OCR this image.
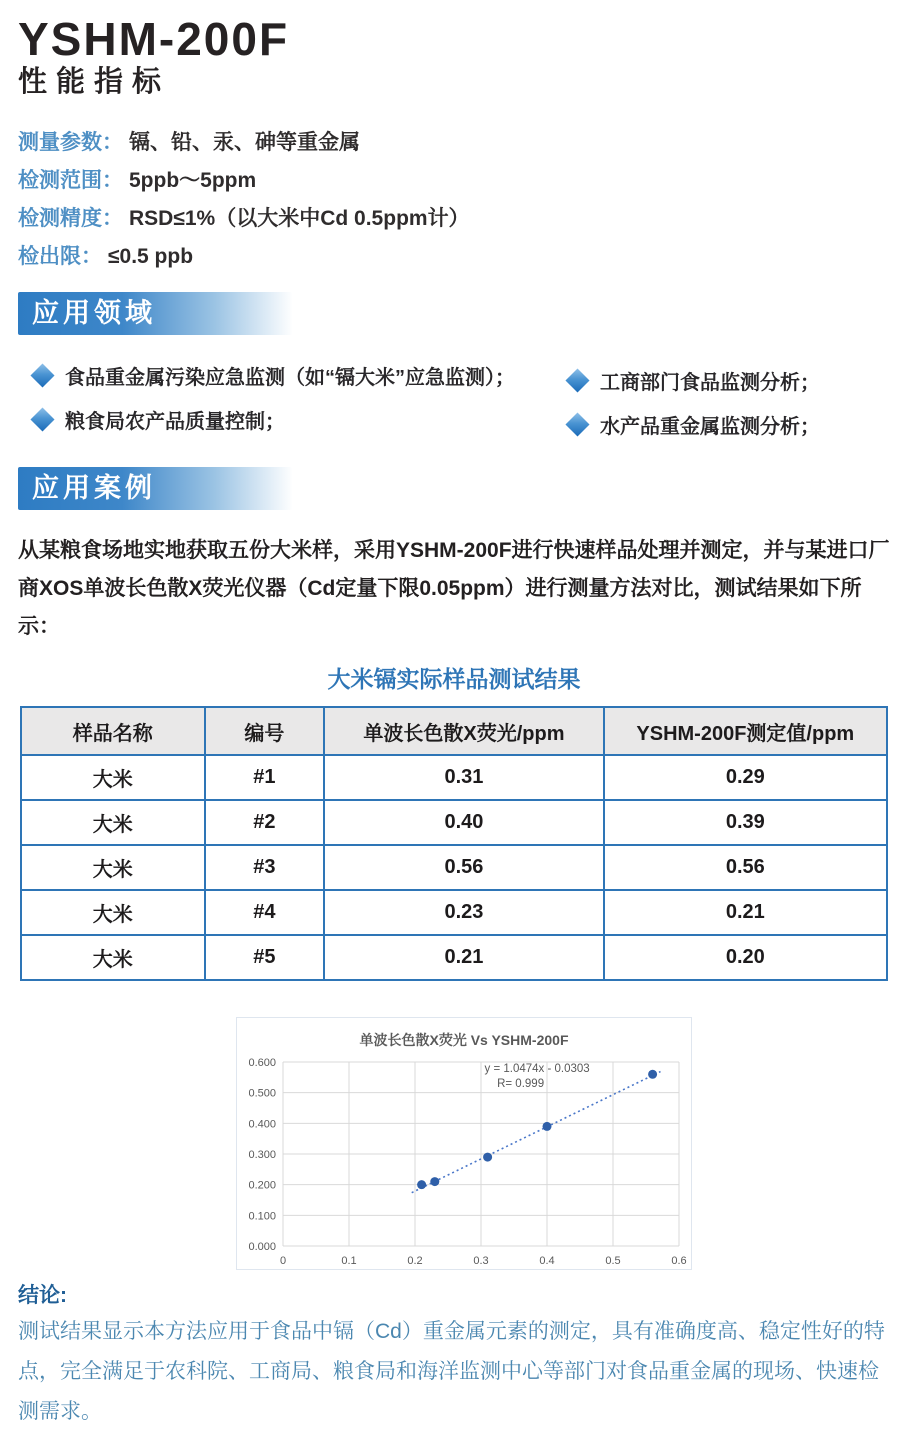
YSHM-200F
性能指标
测量参数： 镉、铅、汞、砷等重金属
检测范围： 5ppb～5ppm
检测精度： RSD≤1%（以大米中Cd 0.5ppm计）
检出限： ≤0.5 ppb
应用领域
食品重金属污染应急监测（如“镉大米”应急监测）；
粮食局农产品质量控制；
工商部门食品监测分析；
水产品重金属监测分析；
应用案例
从某粮食场地实地获取五份大米样，采用YSHM-200F进行快速样品处理并测定，并与某进口厂商XOS单波长色散X荧光仪器（Cd定量下限0.05ppm）进行测量方法对比，测试结果如下所示：
大米镉实际样品测试结果
样品名称	编号	单波长色散X荧光/ppm	YSHM-200F测定值/ppm
大米	#1	0.31	0.29
大米	#2	0.40	0.39
大米	#3	0.56	0.56
大米	#4	0.23	0.21
大米	#5	0.21	0.20
单波长色散X荧光 Vs YSHM-200F
0.000
0.100
0.200
0.300
0.400
0.500
0.600
0	0.1	0.2	0.3	0.4	0.5	0.6
y = 1.0474x - 0.0303
R= 0.999
结论:
测试结果显示本方法应用于食品中镉（Cd）重金属元素的测定，具有准确度高、稳定性好的特点，完全满足于农科院、工商局、粮食局和海洋监测中心等部门对食品重金属的现场、快速检测需求。
